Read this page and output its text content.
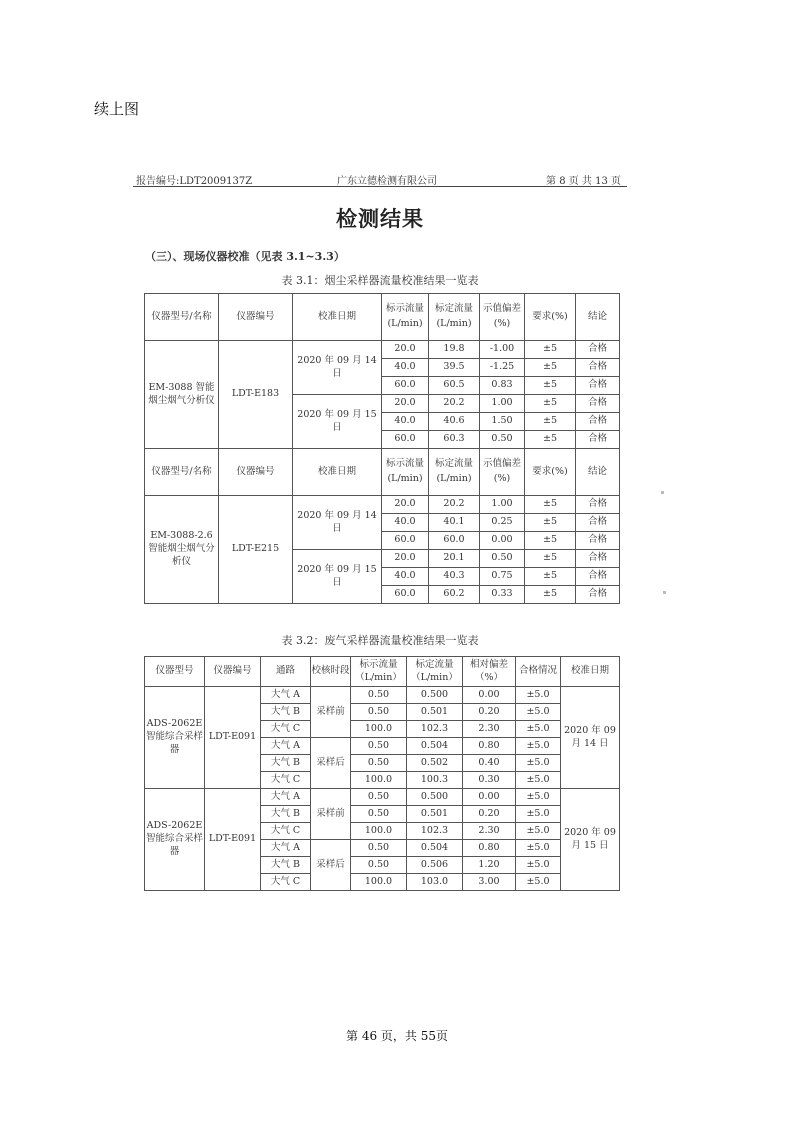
续上图
报告编号:LDT2009137Z	广东立德检测有限公司	第 8 页 共 13 页
检测结果
（三）、现场仪器校准（见表 3.1~3.3）
表 3.1：烟尘采样器流量校准结果一览表
仪器型号/名称	仪器编号	校准日期	标示流量(L/min)	标定流量(L/min)	示值偏差(%)	要求(%)	结论
EM-3088 智能烟尘烟气分析仪	LDT-E183	2020 年 09 月 14 日	20.0	19.8	-1.00	±5	合格
			40.0	39.5	-1.25	±5	合格
			60.0	60.5	0.83	±5	合格
		2020 年 09 月 15 日	20.0	20.2	1.00	±5	合格
			40.0	40.6	1.50	±5	合格
			60.0	60.3	0.50	±5	合格
仪器型号/名称	仪器编号	校准日期	标示流量(L/min)	标定流量(L/min)	示值偏差(%)	要求(%)	结论
EM-3088-2.6 智能烟尘烟气分析仪	LDT-E215	2020 年 09 月 14 日	20.0	20.2	1.00	±5	合格
			40.0	40.1	0.25	±5	合格
			60.0	60.0	0.00	±5	合格
		2020 年 09 月 15 日	20.0	20.1	0.50	±5	合格
			40.0	40.3	0.75	±5	合格
			60.0	60.2	0.33	±5	合格
表 3.2：废气采样器流量校准结果一览表
仪器型号	仪器编号	通路	校核时段	标示流量（L/min）	标定流量（L/min）	相对偏差（%）	合格情况	校准日期
ADS-2062E 智能综合采样器	LDT-E091	大气 A	采样前	0.50	0.500	0.00	±5.0	2020 年 09 月 14 日
		大气 B		0.50	0.501	0.20	±5.0	
		大气 C		100.0	102.3	2.30	±5.0	
		大气 A	采样后	0.50	0.504	0.80	±5.0	
		大气 B		0.50	0.502	0.40	±5.0	
		大气 C		100.0	100.3	0.30	±5.0	
ADS-2062E 智能综合采样器	LDT-E091	大气 A	采样前	0.50	0.500	0.00	±5.0	2020 年 09 月 15 日
		大气 B		0.50	0.501	0.20	±5.0	
		大气 C		100.0	102.3	2.30	±5.0	
		大气 A	采样后	0.50	0.504	0.80	±5.0	
		大气 B		0.50	0.506	1.20	±5.0	
		大气 C		100.0	103.0	3.00	±5.0	
第 46 页，共 55页
